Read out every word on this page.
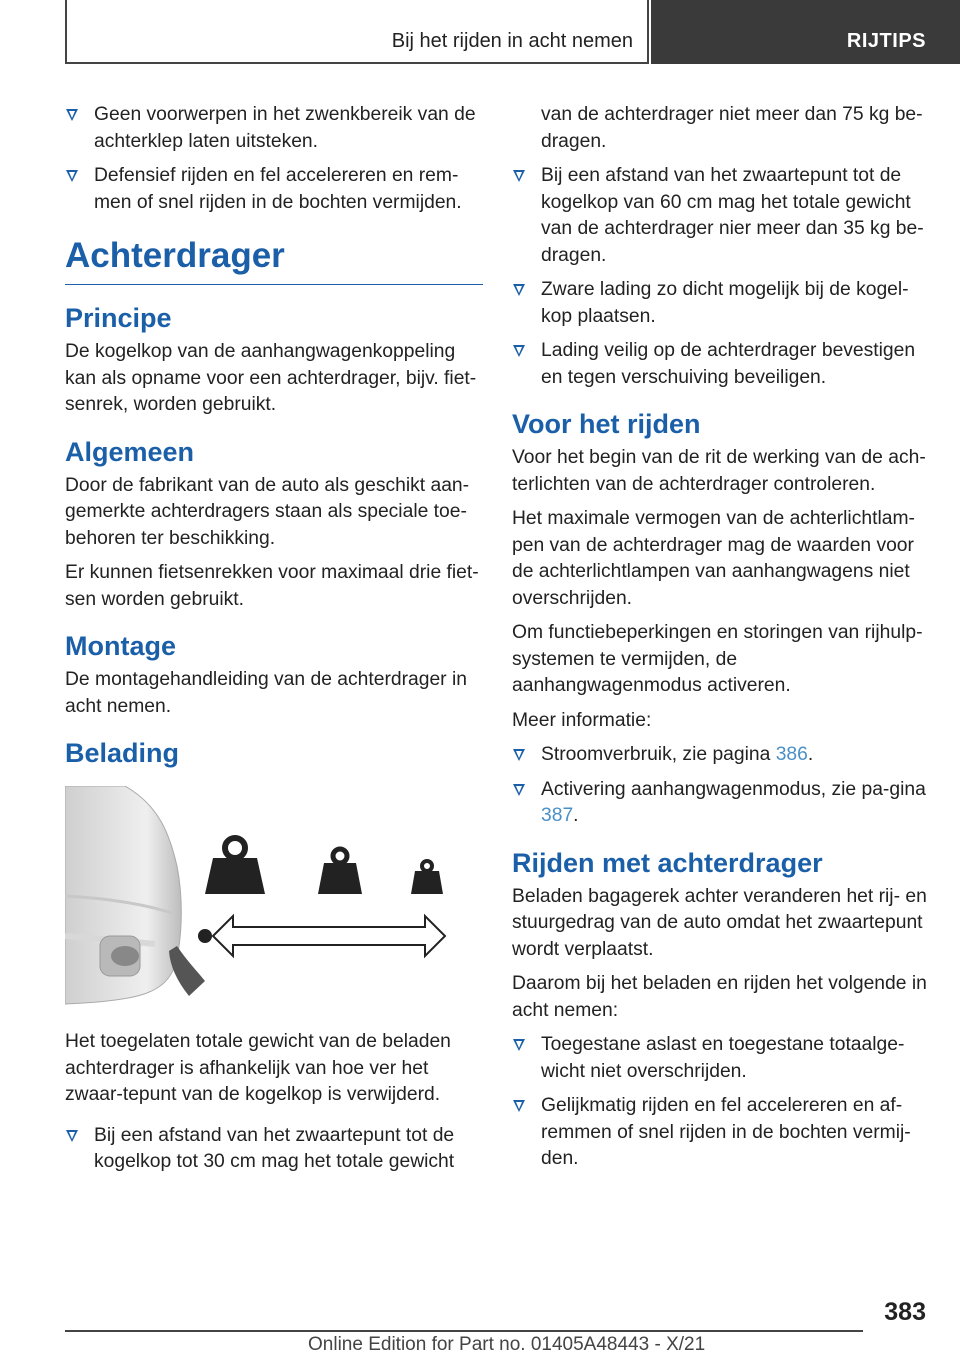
Bij het rijden in acht nemen	RIJTIPS
Geen voorwerpen in het zwenkbereik van de achterklep laten uitsteken.
Defensief rijden en fel accelereren en rem-men of snel rijden in de bochten vermijden.
Achterdrager
Principe

De kogelkop van de aanhangwagenkoppeling kan als opname voor een achterdrager, bijv. fiet-senrek, worden gebruikt.

Algemeen

Door de fabrikant van de auto als geschikt aan-gemerkte achterdragers staan als speciale toe-behoren ter beschikking.

Er kunnen fietsenrekken voor maximaal drie fiet-sen worden gebruikt.

Montage

De montagehandleiding van de achterdrager in acht nemen.

Belading

Het toegelaten totale gewicht van de beladen achterdrager is afhankelijk van hoe ver het zwaar-tepunt van de kogelkop is verwijderd.

Bij een afstand van het zwaartepunt tot de kogelkop tot 30 cm mag het totale gewicht
van de achterdrager niet meer dan 75 kg be-dragen.
Bij een afstand van het zwaartepunt tot de kogelkop van 60 cm mag het totale gewicht van de achterdrager nier meer dan 35 kg be-dragen.
Zware lading zo dicht mogelijk bij de kogel-kop plaatsen.
Lading veilig op de achterdrager bevestigen en tegen verschuiving beveiligen.
Voor het rijden

Voor het begin van de rit de werking van de ach-terlichten van de achterdrager controleren.

Het maximale vermogen van de achterlichtlam-pen van de achterdrager mag de waarden voor de achterlichtlampen van aanhangwagens niet overschrijden.

Om functiebeperkingen en storingen van rijhulp-systemen te vermijden, de aanhangwagenmodus activeren.

Meer informatie:

Stroomverbruik, zie pagina 386.
Activering aanhangwagenmodus, zie pa-gina 387.
Rijden met achterdrager

Beladen bagagerek achter veranderen het rij- en stuurgedrag van de auto omdat het zwaartepunt wordt verplaatst.

Daarom bij het beladen en rijden het volgende in acht nemen:

Toegestane aslast en toegestane totaalge-wicht niet overschrijden.
Gelijkmatig rijden en fel accelereren en af-remmen of snel rijden in de bochten vermij-den.
383
Online Edition for Part no. 01405A48443 - X/21
